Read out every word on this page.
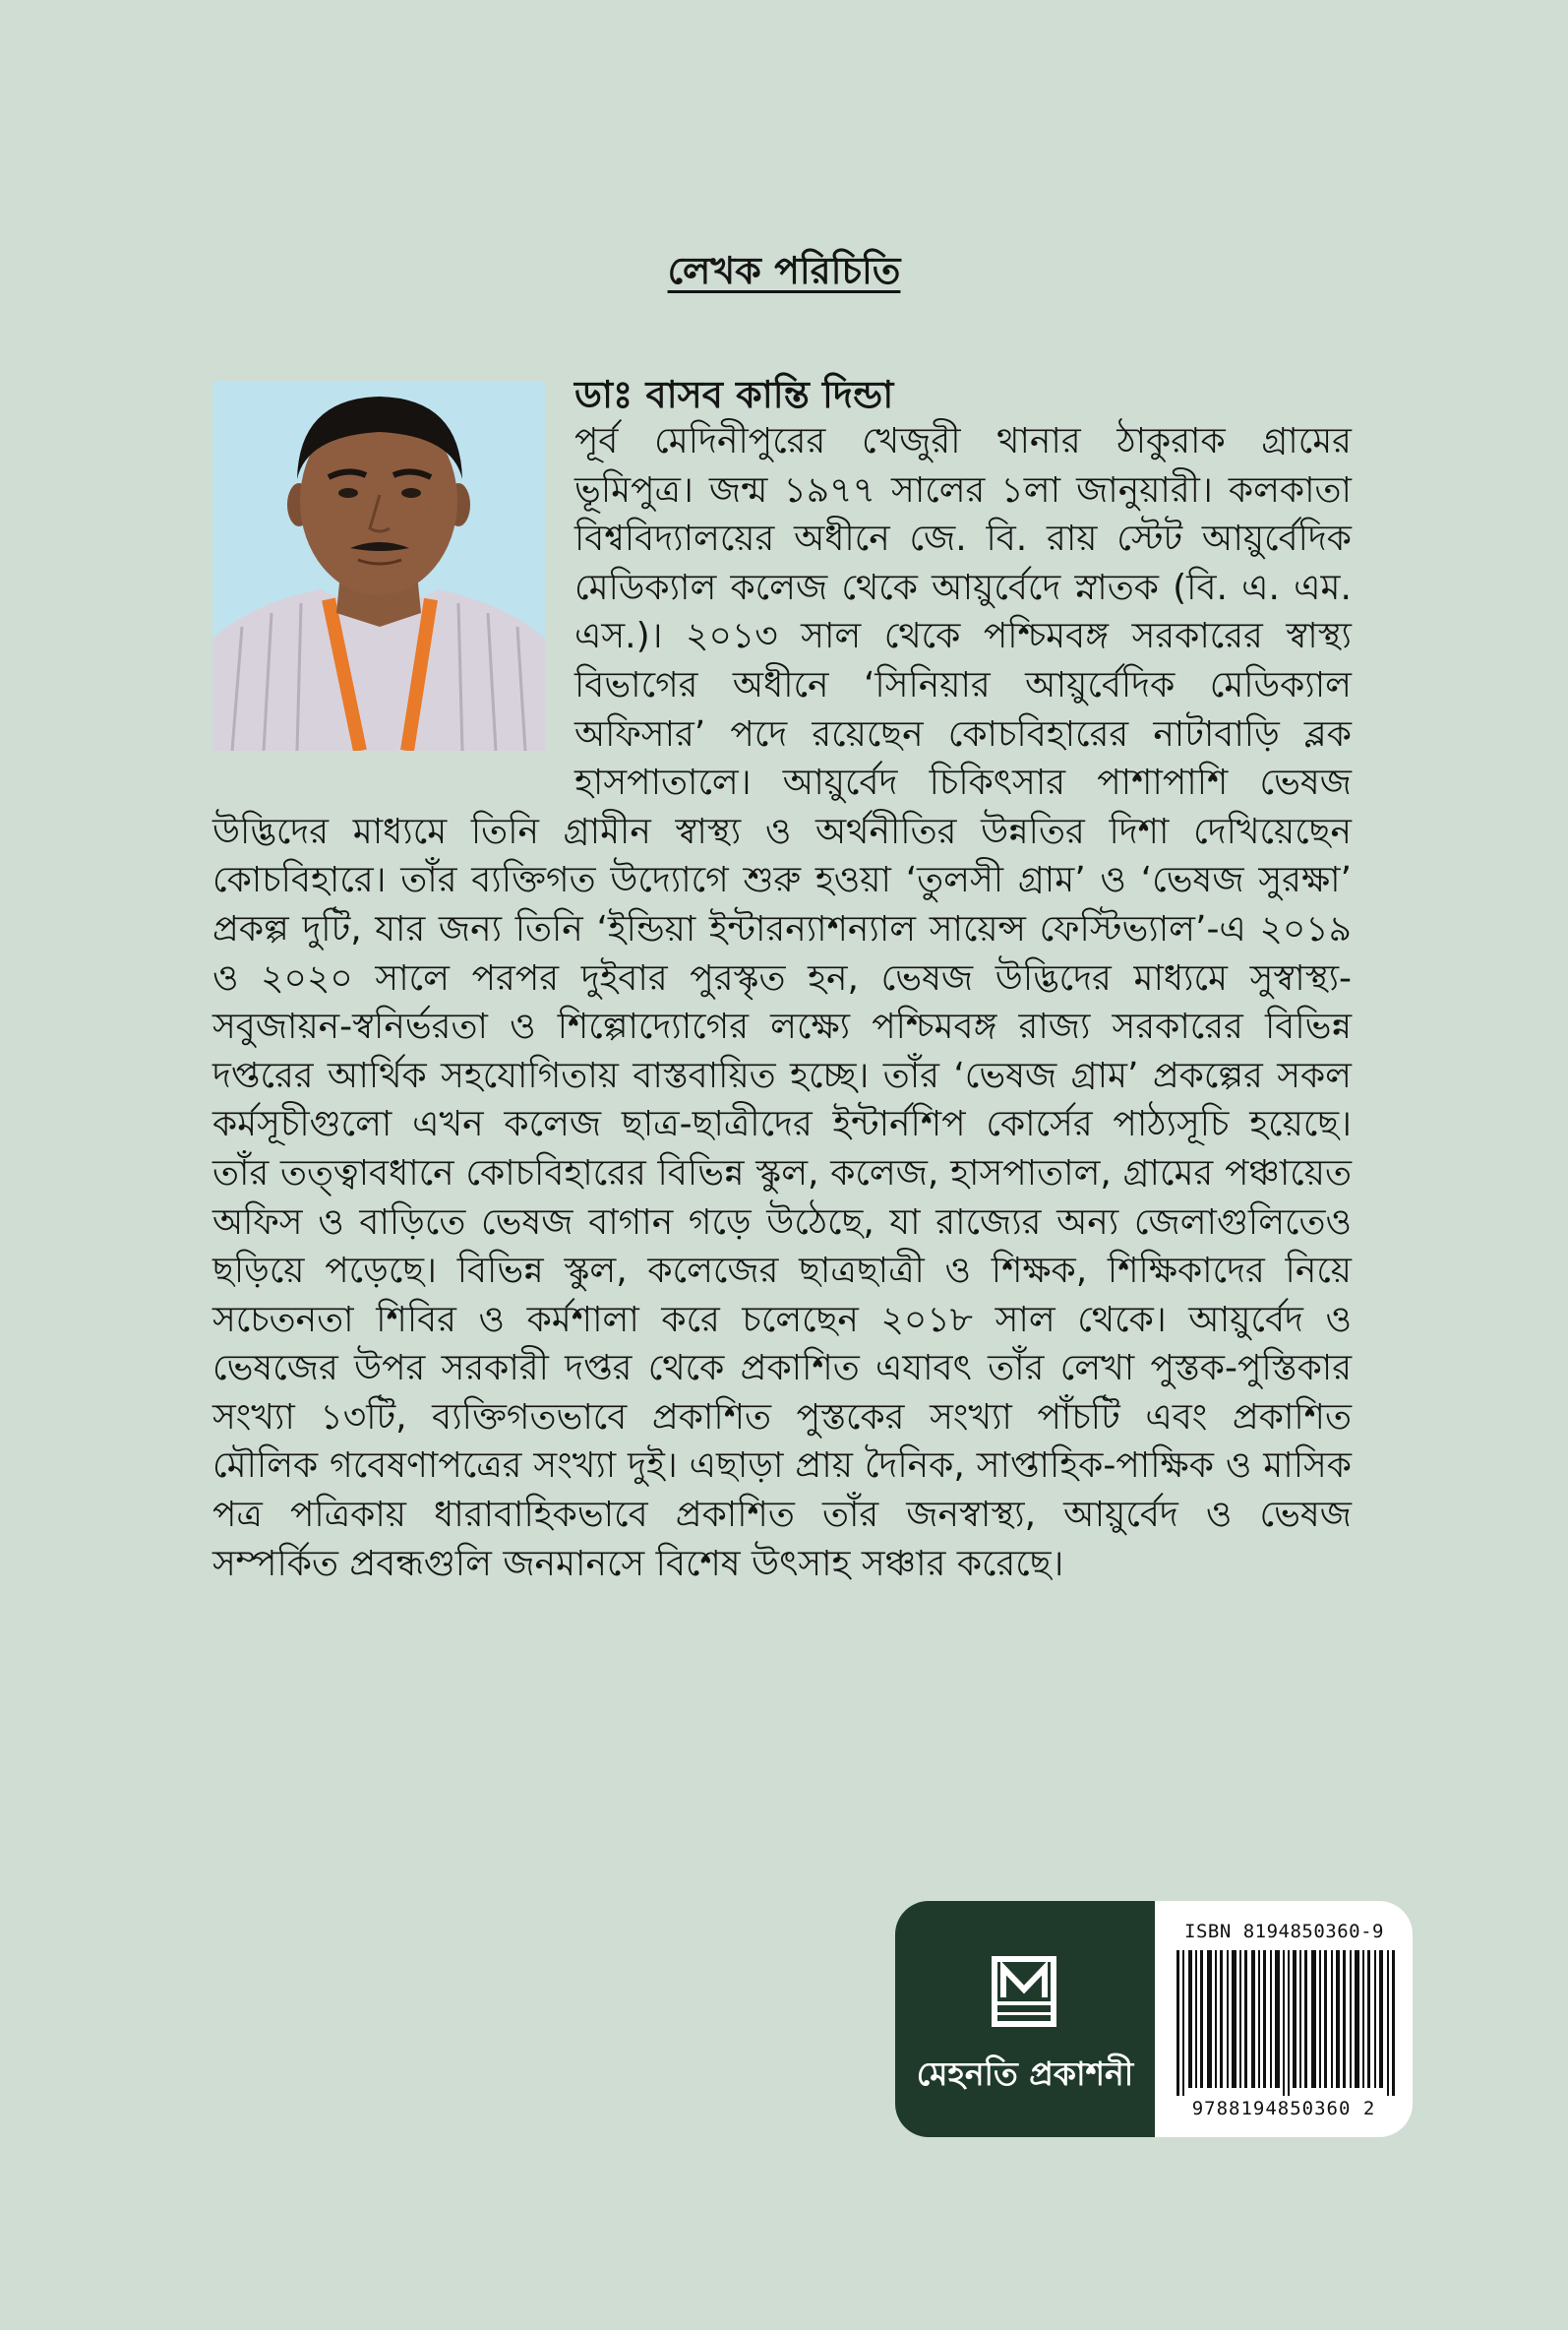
লেখক পরিচিতি
ডাঃ বাসব কান্তি দিন্ডা

পূর্ব মেদিনীপুরের খেজুরী থানার ঠাকুরাক গ্রামের ভূমিপুত্র। জন্ম ১৯৭৭ সালের ১লা জানুয়ারী। কলকাতা বিশ্ববিদ্যালয়ের অধীনে জে. বি. রায় স্টেট আয়ুর্বেদিক মেডিক্যাল কলেজ থেকে আয়ুর্বেদে স্নাতক (বি. এ. এম. এস.)। ২০১৩ সাল থেকে পশ্চিমবঙ্গ সরকারের স্বাস্থ্য বিভাগের অধীনে ‘সিনিয়ার আয়ুর্বেদিক মেডিক্যাল অফিসার’ পদে রয়েছেন কোচবিহারের নাটাবাড়ি ব্লক হাসপাতালে। আয়ুর্বেদ চিকিৎসার পাশাপাশি ভেষজ উদ্ভিদের মাধ্যমে তিনি গ্রামীন স্বাস্থ্য ও অর্থনীতির উন্নতির দিশা দেখিয়েছেন কোচবিহারে। তাঁর ব্যক্তিগত উদ্যোগে শুরু হওয়া ‘তুলসী গ্রাম’ ও ‘ভেষজ সুরক্ষা’ প্রকল্প দুটি, যার জন্য তিনি ‘ইন্ডিয়া ইন্টারন্যাশন্যাল সায়েন্স ফেস্টিভ্যাল’-এ ২০১৯ ও ২০২০ সালে পরপর দুইবার পুরস্কৃত হন, ভেষজ উদ্ভিদের মাধ্যমে সুস্বাস্থ্য-সবুজায়ন-স্বনির্ভরতা ও শিল্পোদ্যোগের লক্ষ্যে পশ্চিমবঙ্গ রাজ্য সরকারের বিভিন্ন দপ্তরের আর্থিক সহযোগিতায় বাস্তবায়িত হচ্ছে। তাঁর ‘ভেষজ গ্রাম’ প্রকল্পের সকল কর্মসূচীগুলো এখন কলেজ ছাত্র-ছাত্রীদের ইন্টার্নশিপ কোর্সের পাঠ্যসূচি হয়েছে। তাঁর তত্ত্বাবধানে কোচবিহারের বিভিন্ন স্কুল, কলেজ, হাসপাতাল, গ্রামের পঞ্চায়েত অফিস ও বাড়িতে ভেষজ বাগান গড়ে উঠেছে, যা রাজ্যের অন্য জেলাগুলিতেও ছড়িয়ে পড়েছে। বিভিন্ন স্কুল, কলেজের ছাত্রছাত্রী ও শিক্ষক, শিক্ষিকাদের নিয়ে সচেতনতা শিবির ও কর্মশালা করে চলেছেন ২০১৮ সাল থেকে। আয়ুর্বেদ ও ভেষজের উপর সরকারী দপ্তর থেকে প্রকাশিত এযাবৎ তাঁর লেখা পুস্তক-পুস্তিকার সংখ্যা ১৩টি, ব্যক্তিগতভাবে প্রকাশিত পুস্তকের সংখ্যা পাঁচটি এবং প্রকাশিত মৌলিক গবেষণাপত্রের সংখ্যা দুই। এছাড়া প্রায় দৈনিক, সাপ্তাহিক-পাক্ষিক ও মাসিক পত্র পত্রিকায় ধারাবাহিকভাবে প্রকাশিত তাঁর জনস্বাস্থ্য, আয়ুর্বেদ ও ভেষজ সম্পর্কিত প্রবন্ধগুলি জনমানসে বিশেষ উৎসাহ সঞ্চার করেছে।

মেহনতি প্রকাশনী
ISBN 8194850360-9
9788194850360 2
